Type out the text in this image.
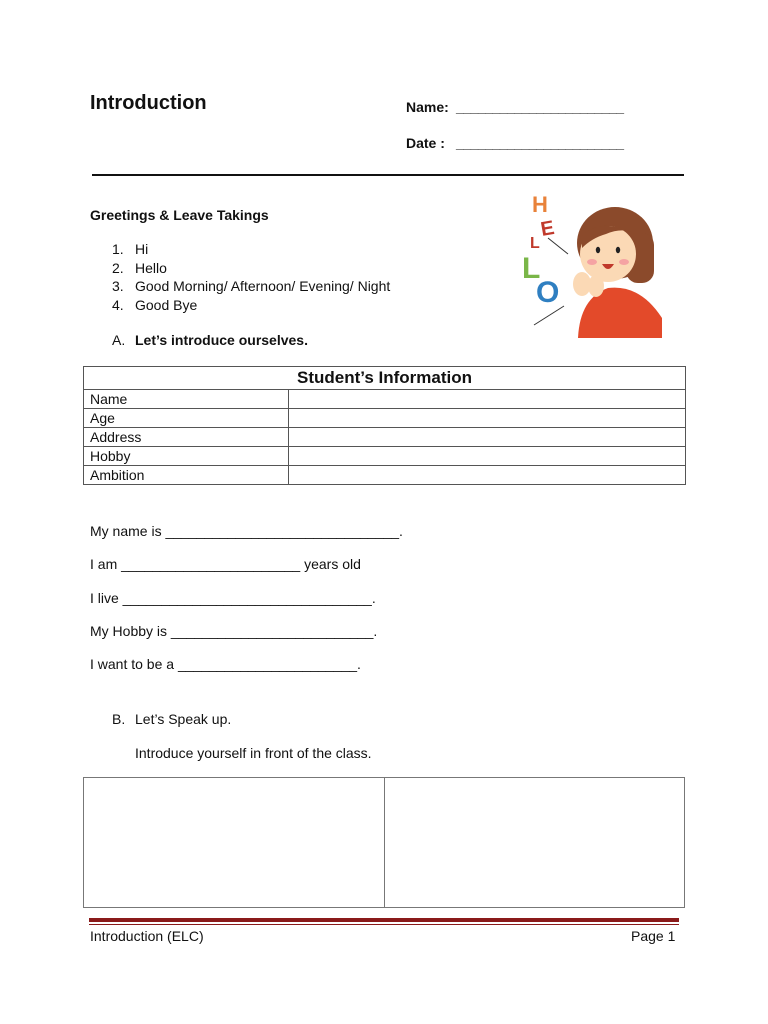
Introduction	Name: _______________________
Date : _______________________
Greetings & Leave Takings
1. Hi
2. Hello
3. Good Morning/ Afternoon/ Evening/ Night
4. Good Bye
H
E
L
L
O
A. Let’s introduce ourselves.
Student’s Information	
Name	
Age	
Address	
Hobby	
Ambition	
My name is ______________________________.
I am _______________________ years old
I live ________________________________.
My Hobby is __________________________.
I want to be a _______________________.
B. Let’s Speak up.
Introduce yourself in front of the class.
Introduction (ELC)	Page 1
